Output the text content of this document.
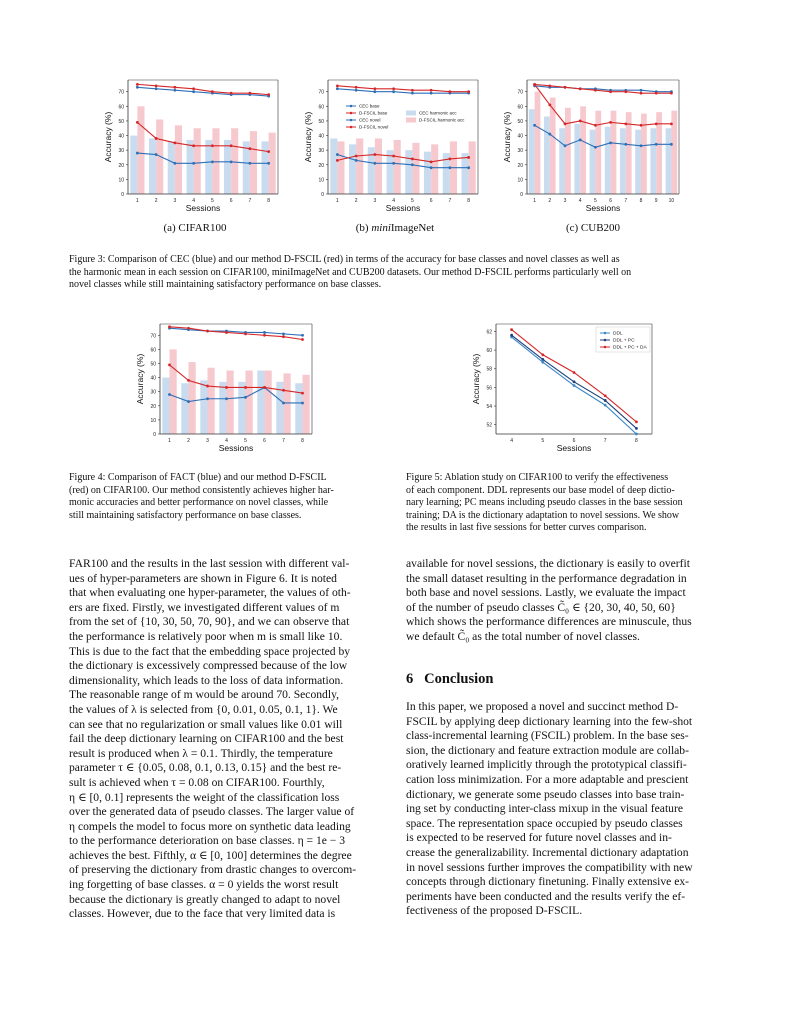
0
10
20
30
40
50
60
70
1	2	3	4	5	6	7	8
Sessions
Accuracy (%)
0
10
20
30
40
50
60
70
1	2	3	4	5	6	7	8
Sessions
Accuracy (%)
CEC base
D-FSCIL base
CEC novel
D-FSCIL novel
CEC harmonic acc
D-FSCIL harmonic acc
0
10
20
30
40
50
60
70
1 2 3 4 5 6 7 8 9 10
Sessions
Accuracy (%)
(a) CIFAR100	(b) miniImageNet	(c) CUB200
Figure 3: Comparison of CEC (blue) and our method D-FSCIL (red) in terms of the accuracy for base classes and novel classes as well as
the harmonic mean in each session on CIFAR100, miniImageNet and CUB200 datasets. Our method D-FSCIL performs particularly well on
novel classes while still maintaining satisfactory performance on base classes.
0
10
20
30
40
50
60
70
1	2	3	4	5	6	7	8
Sessions
Accuracy (%)
52
54
56
58
60
62
4	5	6	7	8
Sessions
Accuracy (%)
DDL
DDL + PC
DDL + PC + DA
Figure 4: Comparison of FACT (blue) and our method D-FSCIL
(red) on CIFAR100. Our method consistently achieves higher har-
monic accuracies and better performance on novel classes, while
still maintaining satisfactory performance on base classes.
Figure 5: Ablation study on CIFAR100 to verify the effectiveness
of each component. DDL represents our base model of deep dictio-
nary learning; PC means including pseudo classes in the base session
training; DA is the dictionary adaptation to novel sessions. We show
the results in last five sessions for better curves comparison.
FAR100 and the results in the last session with different val-
ues of hyper-parameters are shown in Figure 6. It is noted
that when evaluating one hyper-parameter, the values of oth-
ers are fixed. Firstly, we investigated different values of m
from the set of {10, 30, 50, 70, 90}, and we can observe that
the performance is relatively poor when m is small like 10.
This is due to the fact that the embedding space projected by
the dictionary is excessively compressed because of the low
dimensionality, which leads to the loss of data information.
The reasonable range of m would be around 70. Secondly,
the values of λ is selected from {0, 0.01, 0.05, 0.1, 1}. We
can see that no regularization or small values like 0.01 will
fail the deep dictionary learning on CIFAR100 and the best
result is produced when λ = 0.1. Thirdly, the temperature
parameter τ ∈ {0.05, 0.08, 0.1, 0.13, 0.15} and the best re-
sult is achieved when τ = 0.08 on CIFAR100. Fourthly,
η ∈ [0, 0.1] represents the weight of the classification loss
over the generated data of pseudo classes. The larger value of
η compels the model to focus more on synthetic data leading
to the performance deterioration on base classes. η = 1e − 3
achieves the best. Fifthly, α ∈ [0, 100] determines the degree
of preserving the dictionary from drastic changes to overcom-
ing forgetting of base classes. α = 0 yields the worst result
because the dictionary is greatly changed to adapt to novel
classes. However, due to the face that very limited data is
available for novel sessions, the dictionary is easily to overfit
the small dataset resulting in the performance degradation in
both base and novel sessions. Lastly, we evaluate the impact
of the number of pseudo classes C̃₀ ∈ {20, 30, 40, 50, 60}
which shows the performance differences are minuscule, thus
we default C̃₀ as the total number of novel classes.
6 Conclusion
In this paper, we proposed a novel and succinct method D-
FSCIL by applying deep dictionary learning into the few-shot
class-incremental learning (FSCIL) problem. In the base ses-
sion, the dictionary and feature extraction module are collab-
oratively learned implicitly through the prototypical classifi-
cation loss minimization. For a more adaptable and prescient
dictionary, we generate some pseudo classes into base train-
ing set by conducting inter-class mixup in the visual feature
space. The representation space occupied by pseudo classes
is expected to be reserved for future novel classes and in-
crease the generalizability. Incremental dictionary adaptation
in novel sessions further improves the compatibility with new
concepts through dictionary finetuning. Finally extensive ex-
periments have been conducted and the results verify the ef-
fectiveness of the proposed D-FSCIL.
